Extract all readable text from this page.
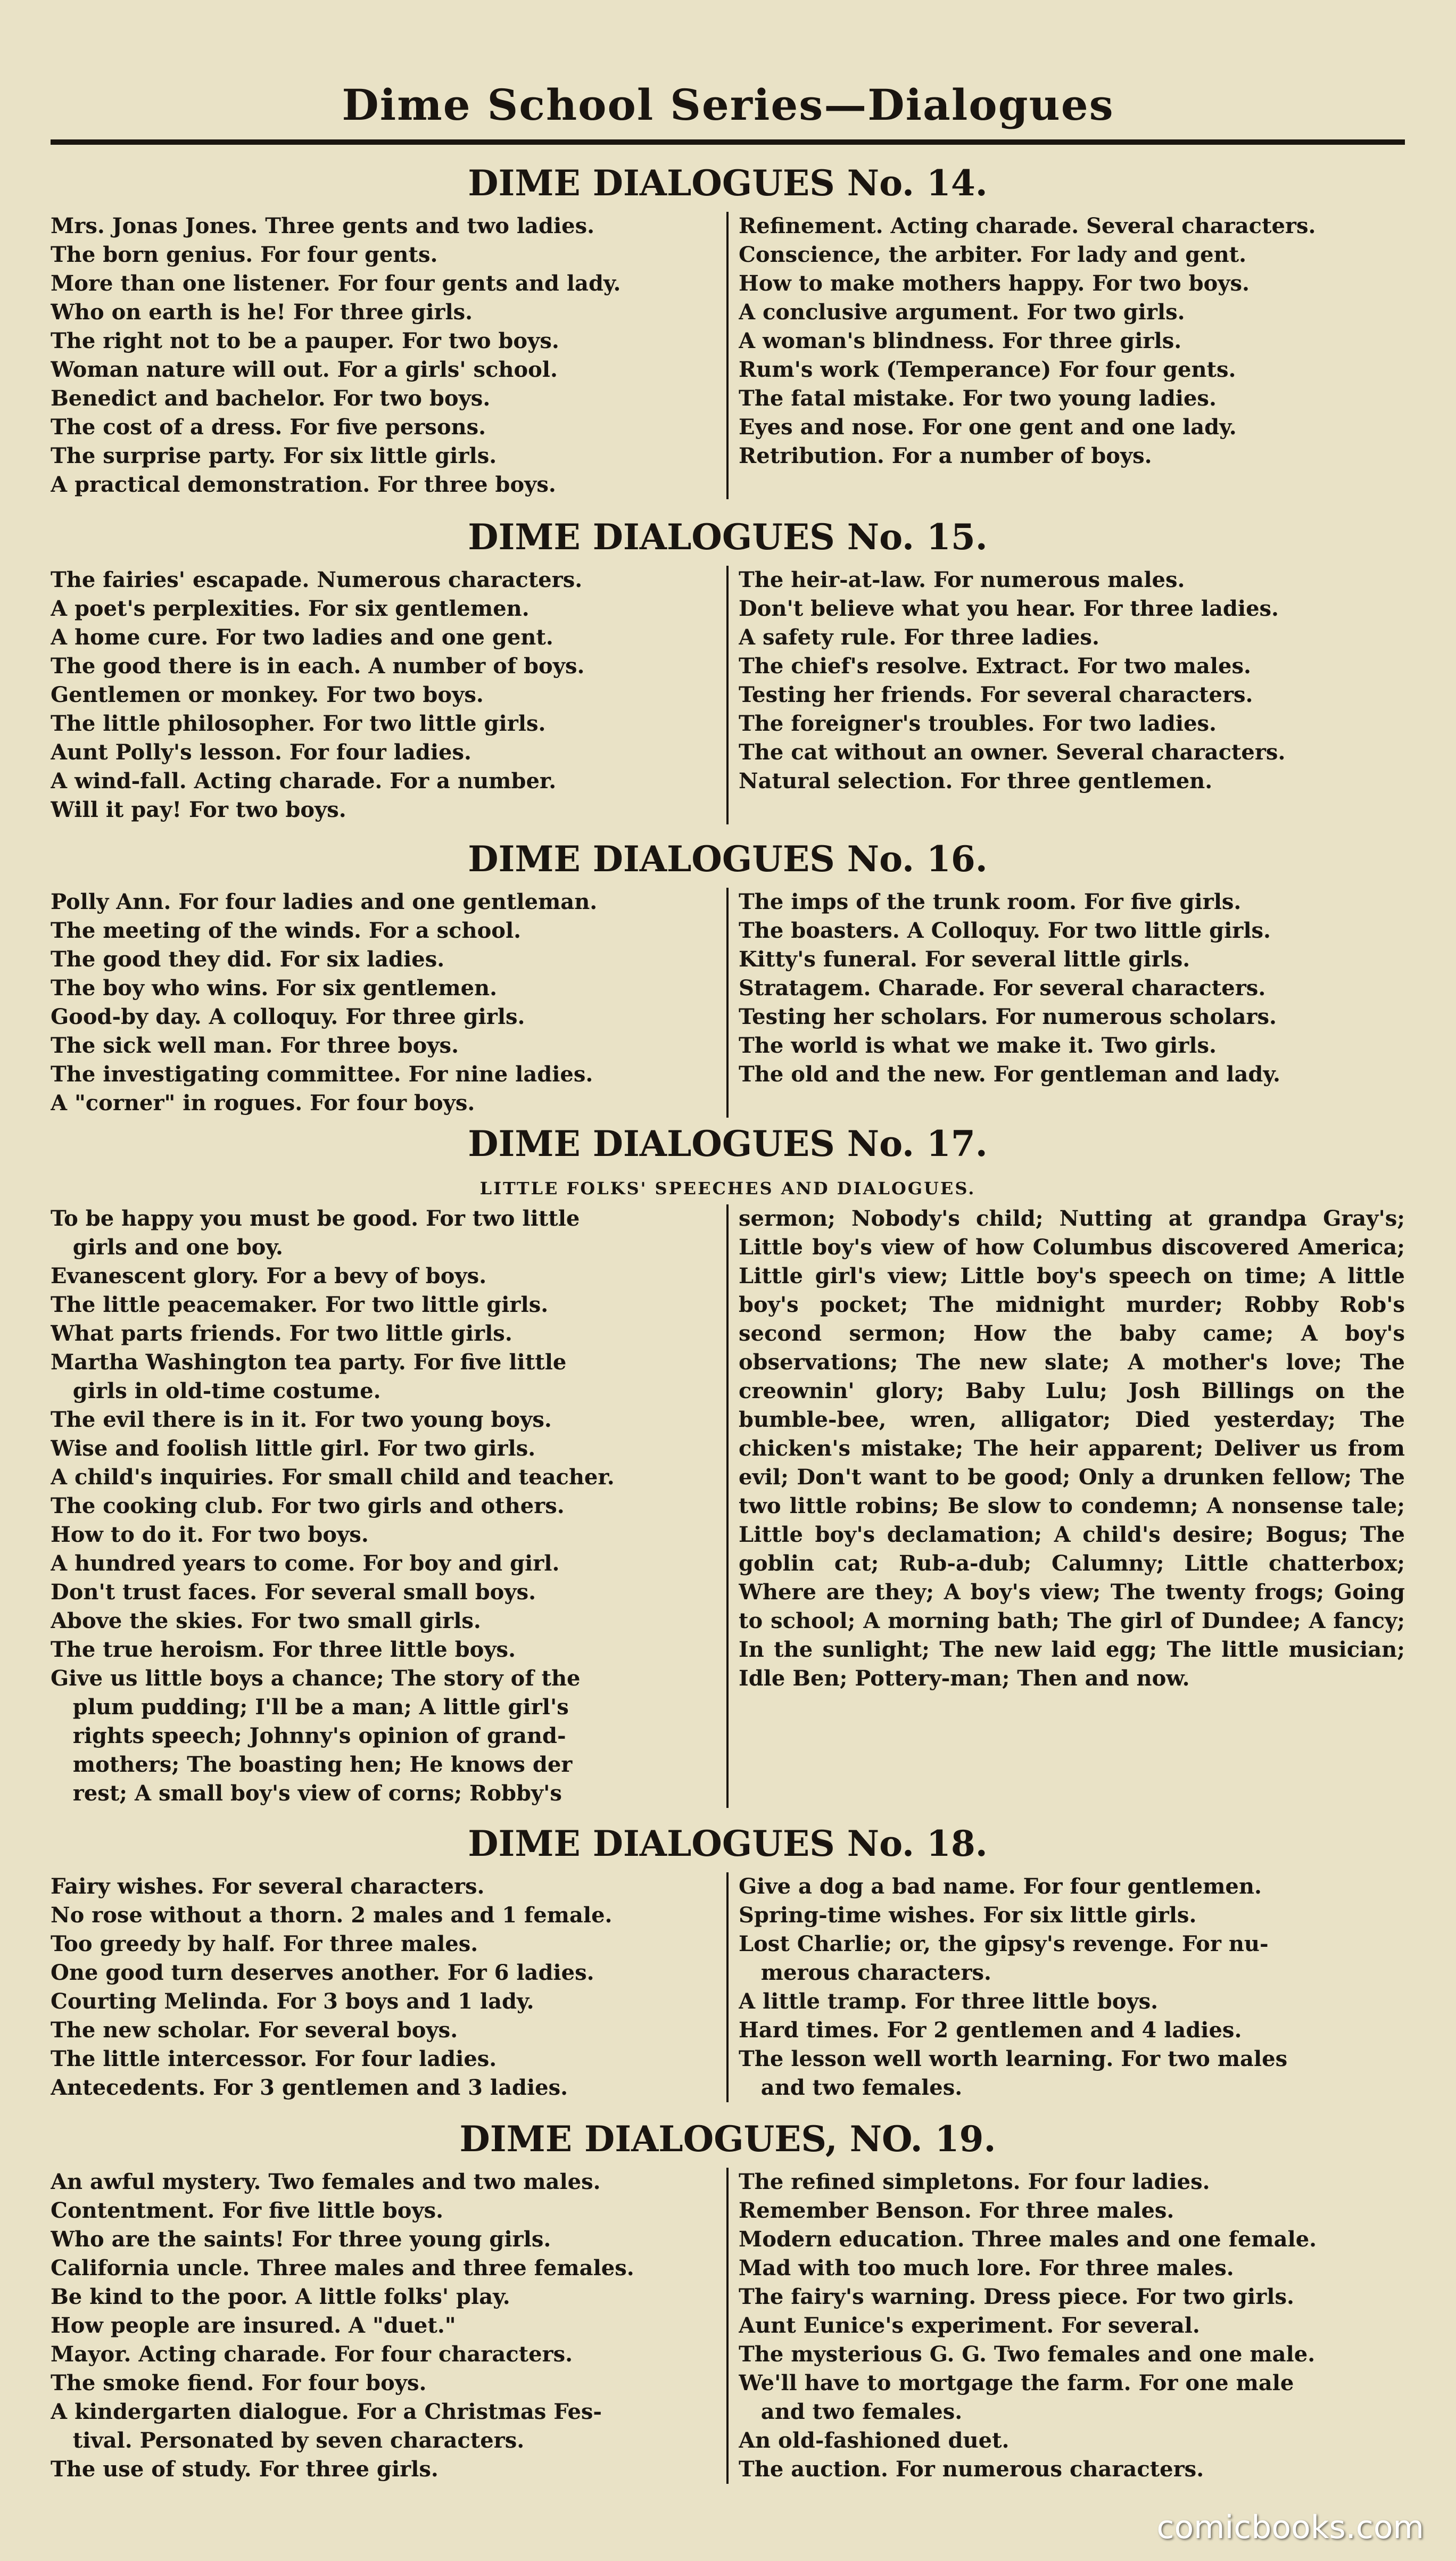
Dime School Series—Dialogues
DIME DIALOGUES No. 14.
Mrs. Jonas Jones. Three gents and two ladies.
The born genius. For four gents.
More than one listener. For four gents and lady.
Who on earth is he! For three girls.
The right not to be a pauper. For two boys.
Woman nature will out. For a girls' school.
Benedict and bachelor. For two boys.
The cost of a dress. For five persons.
The surprise party. For six little girls.
A practical demonstration. For three boys.
Refinement. Acting charade. Several characters.
Conscience, the arbiter. For lady and gent.
How to make mothers happy. For two boys.
A conclusive argument. For two girls.
A woman's blindness. For three girls.
Rum's work (Temperance) For four gents.
The fatal mistake. For two young ladies.
Eyes and nose. For one gent and one lady.
Retribution. For a number of boys.
DIME DIALOGUES No. 15.
The fairies' escapade. Numerous characters.
A poet's perplexities. For six gentlemen.
A home cure. For two ladies and one gent.
The good there is in each. A number of boys.
Gentlemen or monkey. For two boys.
The little philosopher. For two little girls.
Aunt Polly's lesson. For four ladies.
A wind-fall. Acting charade. For a number.
Will it pay! For two boys.
The heir-at-law. For numerous males.
Don't believe what you hear. For three ladies.
A safety rule. For three ladies.
The chief's resolve. Extract. For two males.
Testing her friends. For several characters.
The foreigner's troubles. For two ladies.
The cat without an owner. Several characters.
Natural selection. For three gentlemen.
DIME DIALOGUES No. 16.
Polly Ann. For four ladies and one gentleman.
The meeting of the winds. For a school.
The good they did. For six ladies.
The boy who wins. For six gentlemen.
Good-by day. A colloquy. For three girls.
The sick well man. For three boys.
The investigating committee. For nine ladies.
A "corner" in rogues. For four boys.
The imps of the trunk room. For five girls.
The boasters. A Colloquy. For two little girls.
Kitty's funeral. For several little girls.
Stratagem. Charade. For several characters.
Testing her scholars. For numerous scholars.
The world is what we make it. Two girls.
The old and the new. For gentleman and lady.
DIME DIALOGUES No. 17.
LITTLE FOLKS' SPEECHES AND DIALOGUES.
To be happy you must be good. For two little
girls and one boy.
Evanescent glory. For a bevy of boys.
The little peacemaker. For two little girls.
What parts friends. For two little girls.
Martha Washington tea party. For five little
girls in old-time costume.
The evil there is in it. For two young boys.
Wise and foolish little girl. For two girls.
A child's inquiries. For small child and teacher.
The cooking club. For two girls and others.
How to do it. For two boys.
A hundred years to come. For boy and girl.
Don't trust faces. For several small boys.
Above the skies. For two small girls.
The true heroism. For three little boys.
Give us little boys a chance; The story of the
plum pudding; I'll be a man; A little girl's
rights speech; Johnny's opinion of grand-
mothers; The boasting hen; He knows der
rest; A small boy's view of corns; Robby's
sermon; Nobody's child; Nutting at grandpa Gray's; Little boy's view of how Columbus discovered America; Little girl's view; Little boy's speech on time; A little boy's pocket; The midnight murder; Robby Rob's second sermon; How the baby came; A boy's observations; The new slate; A mother's love; The creownin' glory; Baby Lulu; Josh Billings on the bumble-bee, wren, alligator; Died yesterday; The chicken's mistake; The heir apparent; Deliver us from evil; Don't want to be good; Only a drunken fellow; The two little robins; Be slow to condemn; A nonsense tale; Little boy's declamation; A child's desire; Bogus; The goblin cat; Rub-a-dub; Calumny; Little chatterbox; Where are they; A boy's view; The twenty frogs; Going to school; A morning bath; The girl of Dundee; A fancy; In the sunlight; The new laid egg; The little musician; Idle Ben; Pottery-man; Then and now.
DIME DIALOGUES No. 18.
Fairy wishes. For several characters.
No rose without a thorn. 2 males and 1 female.
Too greedy by half. For three males.
One good turn deserves another. For 6 ladies.
Courting Melinda. For 3 boys and 1 lady.
The new scholar. For several boys.
The little intercessor. For four ladies.
Antecedents. For 3 gentlemen and 3 ladies.
Give a dog a bad name. For four gentlemen.
Spring-time wishes. For six little girls.
Lost Charlie; or, the gipsy's revenge. For nu-
merous characters.
A little tramp. For three little boys.
Hard times. For 2 gentlemen and 4 ladies.
The lesson well worth learning. For two males
and two females.
DIME DIALOGUES, NO. 19.
An awful mystery. Two females and two males.
Contentment. For five little boys.
Who are the saints! For three young girls.
California uncle. Three males and three females.
Be kind to the poor. A little folks' play.
How people are insured. A "duet."
Mayor. Acting charade. For four characters.
The smoke fiend. For four boys.
A kindergarten dialogue. For a Christmas Fes-
tival. Personated by seven characters.
The use of study. For three girls.
The refined simpletons. For four ladies.
Remember Benson. For three males.
Modern education. Three males and one female.
Mad with too much lore. For three males.
The fairy's warning. Dress piece. For two girls.
Aunt Eunice's experiment. For several.
The mysterious G. G. Two females and one male.
We'll have to mortgage the farm. For one male
and two females.
An old-fashioned duet.
The auction. For numerous characters.
comicbooks.com
